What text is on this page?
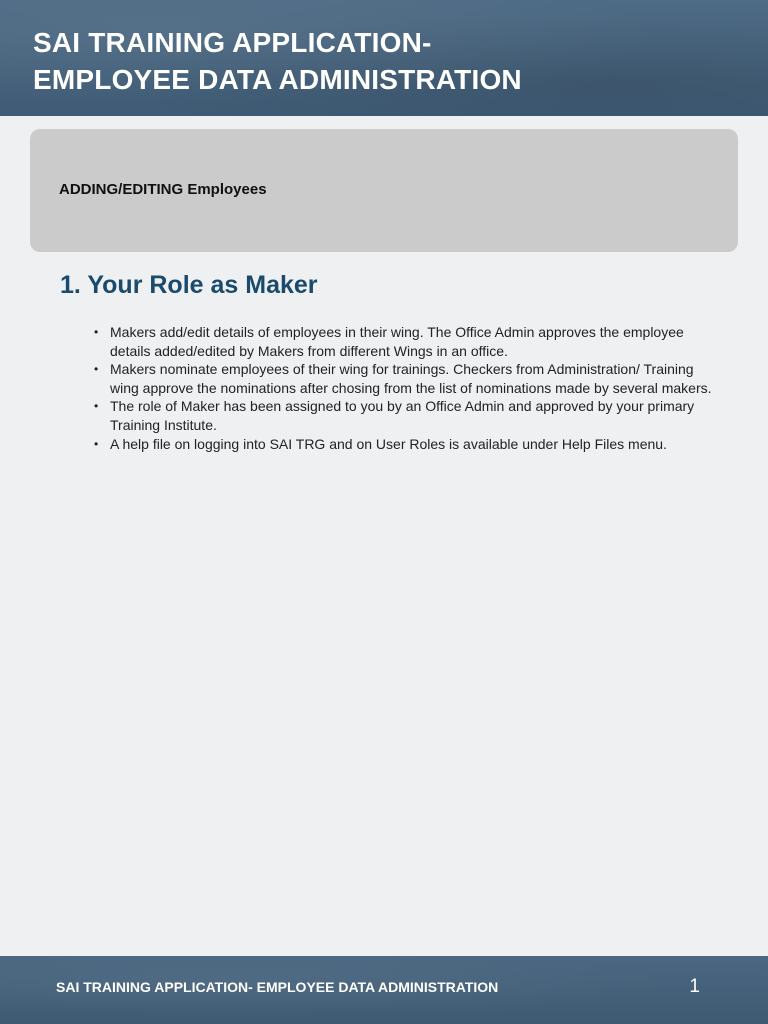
SAI TRAINING APPLICATION-
EMPLOYEE DATA ADMINISTRATION
ADDING/EDITING Employees
1. Your Role as Maker
• Makers add/edit details of employees in their wing. The Office Admin approves the employee details added/edited by Makers from different Wings in an office.
• Makers nominate employees of their wing for trainings. Checkers from Administration/ Training wing approve the nominations after chosing from the list of nominations made by several makers.
• The role of Maker has been assigned to you by an Office Admin and approved by your primary Training Institute.
• A help file on logging into SAI TRG and on User Roles is available under Help Files menu.
SAI TRAINING APPLICATION- EMPLOYEE DATA ADMINISTRATION	1
